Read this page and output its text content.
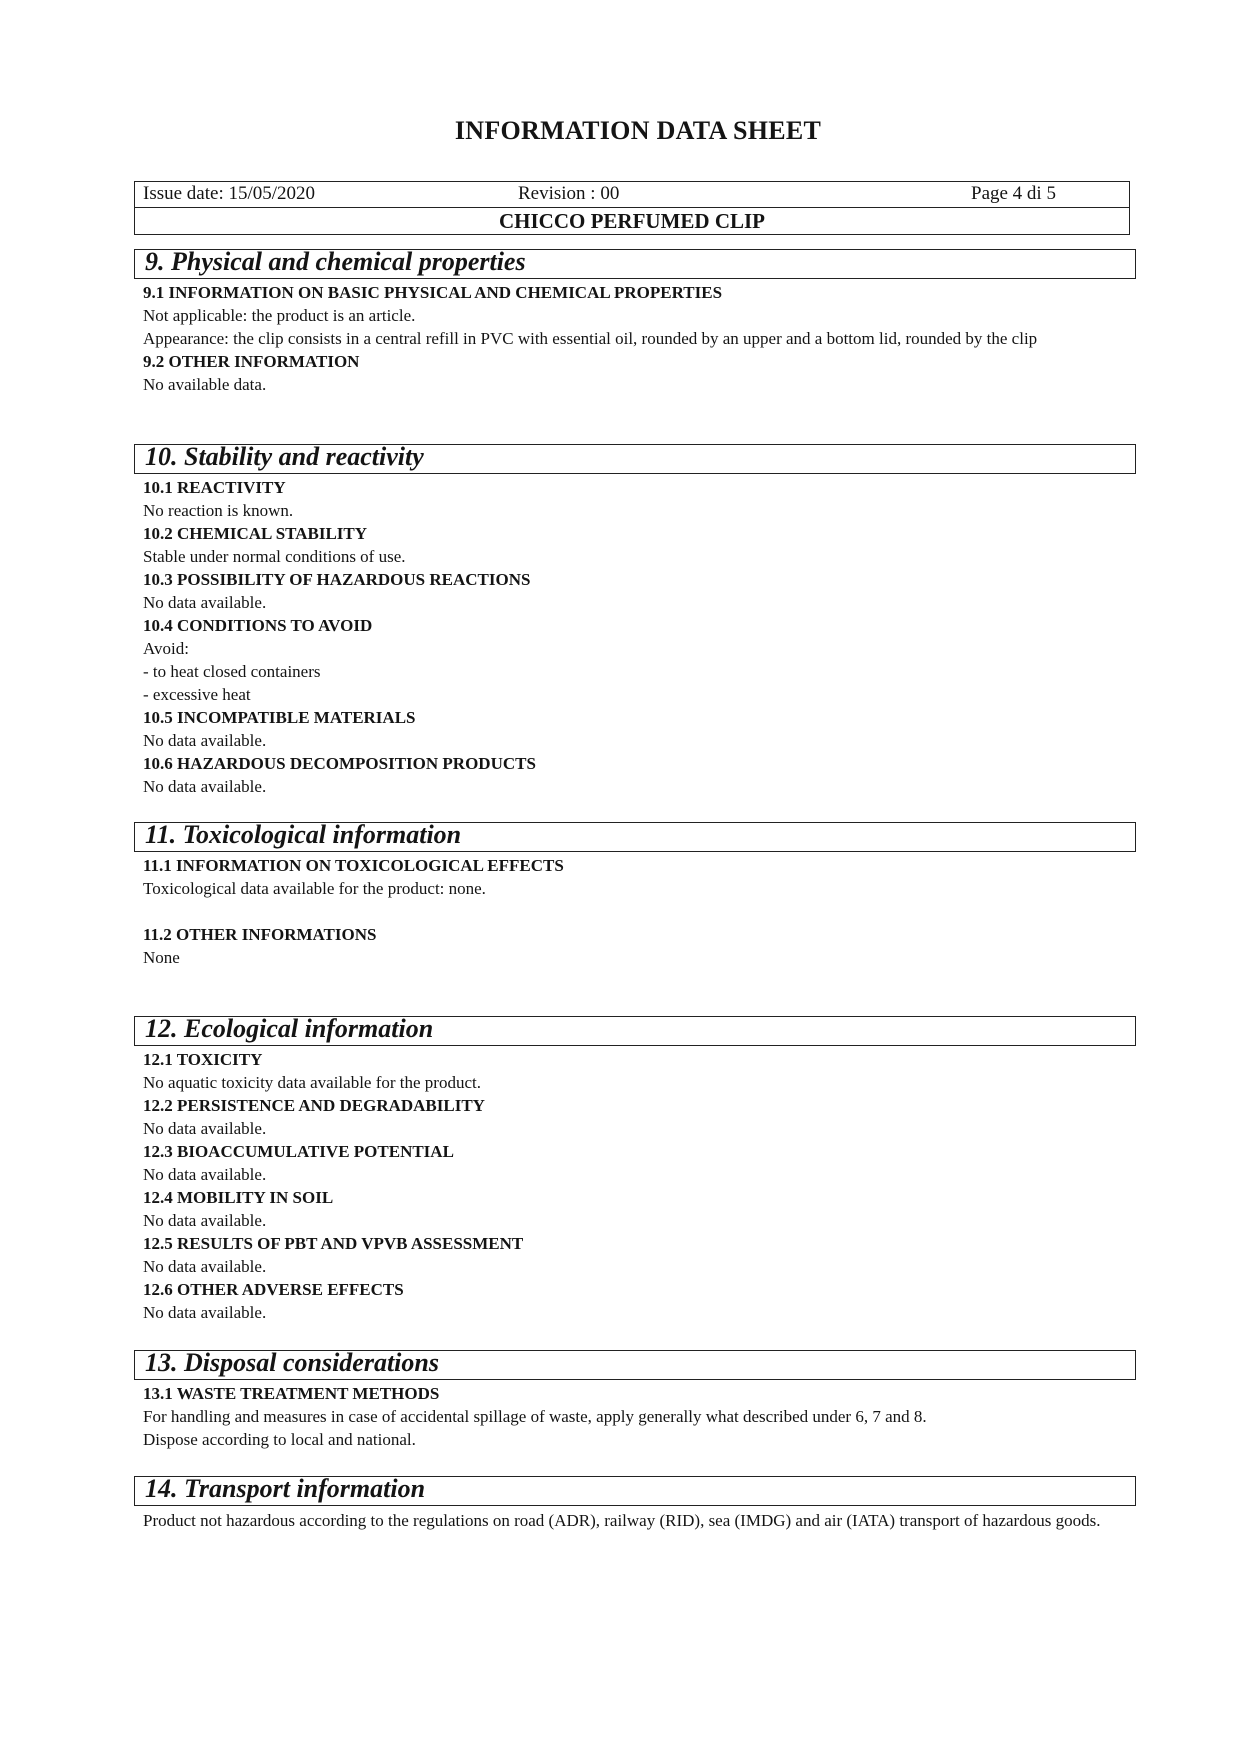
INFORMATION DATA SHEET
Issue date: 15/05/2020	Revision : 00	Page 4 di 5
CHICCO PERFUMED CLIP
9. Physical and chemical properties

9.1 INFORMATION ON BASIC PHYSICAL AND CHEMICAL PROPERTIES

Not applicable: the product is an article.

Appearance: the clip consists in a central refill in PVC with essential oil, rounded by an upper and a bottom lid, rounded by the clip

9.2 OTHER INFORMATION

No available data.

10. Stability and reactivity

10.1 REACTIVITY

No reaction is known.

10.2 CHEMICAL STABILITY

Stable under normal conditions of use.

10.3 POSSIBILITY OF HAZARDOUS REACTIONS

No data available.

10.4 CONDITIONS TO AVOID

Avoid:

- to heat closed containers

- excessive heat

10.5 INCOMPATIBLE MATERIALS

No data available.

10.6 HAZARDOUS DECOMPOSITION PRODUCTS

No data available.

11. Toxicological information

11.1 INFORMATION ON TOXICOLOGICAL EFFECTS

Toxicological data available for the product: none.

11.2 OTHER INFORMATIONS

None

12. Ecological information

12.1 TOXICITY

No aquatic toxicity data available for the product.

12.2 PERSISTENCE AND DEGRADABILITY

No data available.

12.3 BIOACCUMULATIVE POTENTIAL

No data available.

12.4 MOBILITY IN SOIL

No data available.

12.5 RESULTS OF PBT AND VPVB ASSESSMENT

No data available.

12.6 OTHER ADVERSE EFFECTS

No data available.

13. Disposal considerations

13.1 WASTE TREATMENT METHODS

For handling and measures in case of accidental spillage of waste, apply generally what described under 6, 7 and 8.

Dispose according to local and national.

14. Transport information

Product not hazardous according to the regulations on road (ADR), railway (RID), sea (IMDG) and air (IATA) transport of hazardous goods.
